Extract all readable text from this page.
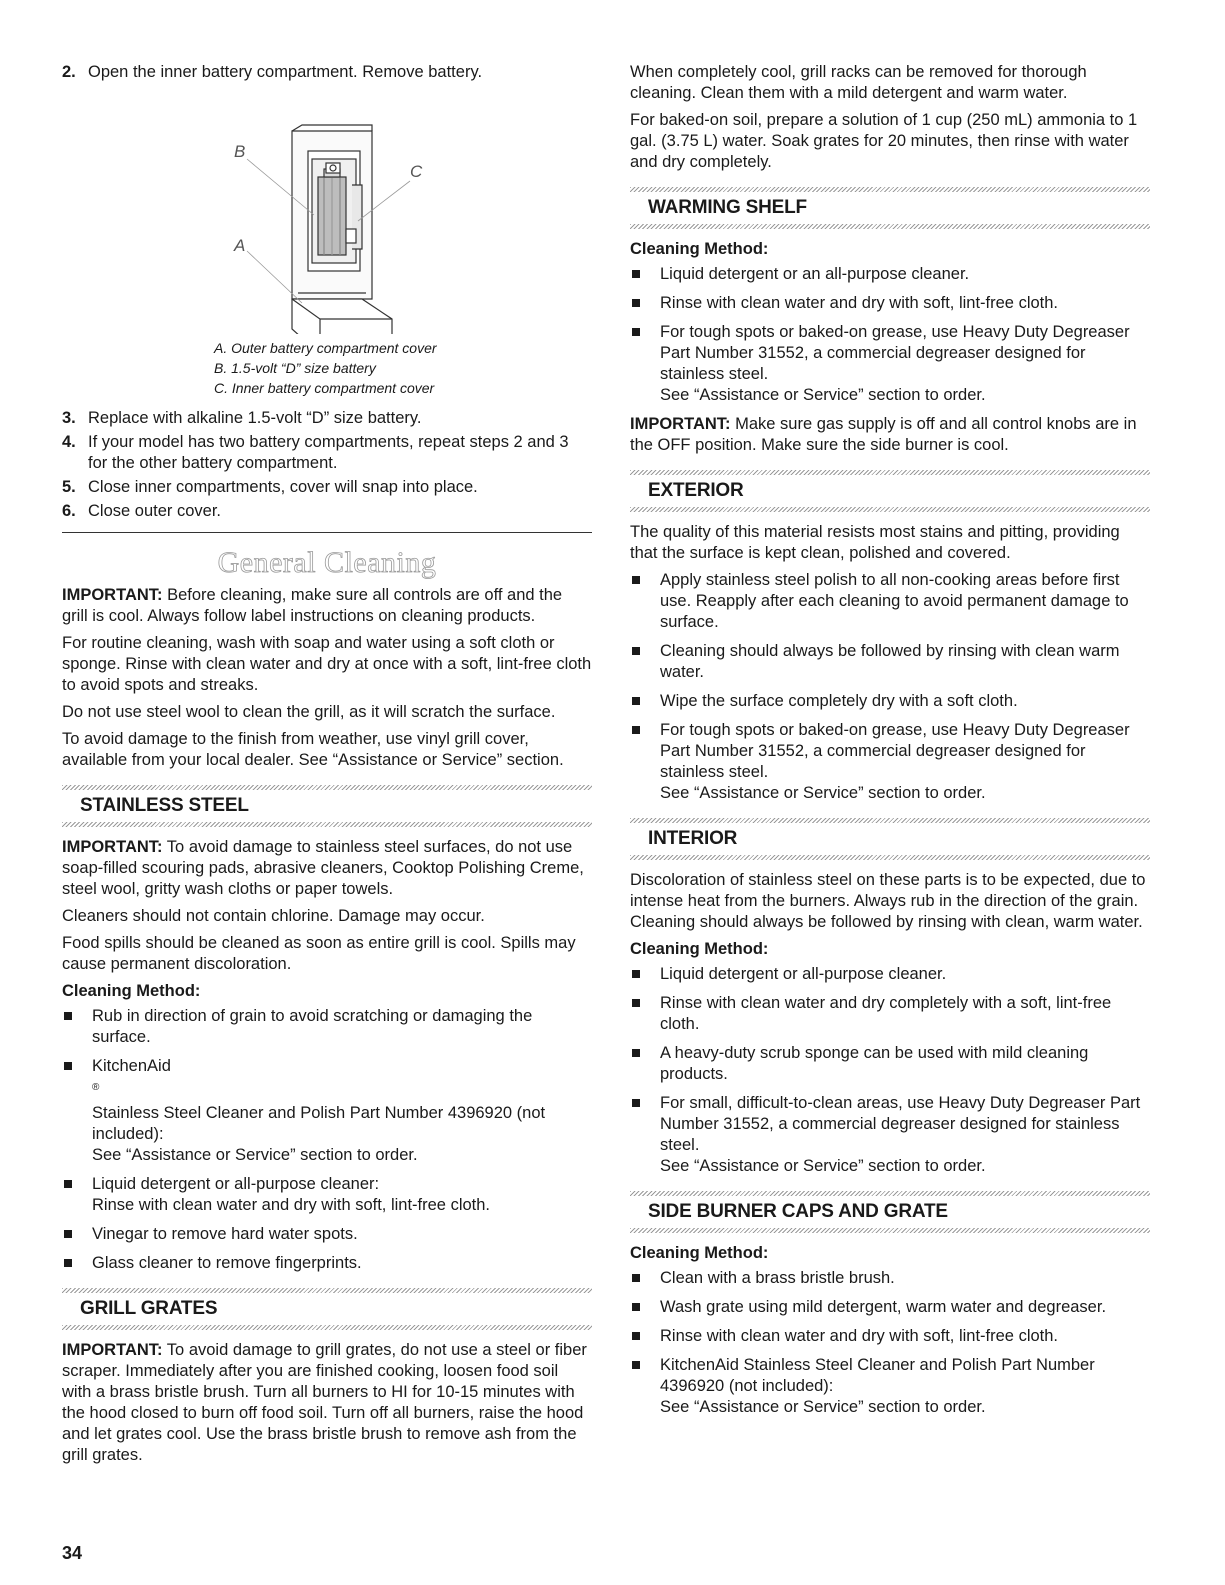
2. Open the inner battery compartment. Remove battery.
B
C
A
A. Outer battery compartment cover
B. 1.5-volt “D” size battery
C. Inner battery compartment cover
3. Replace with alkaline 1.5-volt “D” size battery.
4. If your model has two battery compartments, repeat steps 2 and 3 for the other battery compartment.
5. Close inner compartments, cover will snap into place.
6. Close outer cover.
General Cleaning

IMPORTANT: Before cleaning, make sure all controls are off and the grill is cool. Always follow label instructions on cleaning products.

For routine cleaning, wash with soap and water using a soft cloth or sponge. Rinse with clean water and dry at once with a soft, lint-free cloth to avoid spots and streaks.

Do not use steel wool to clean the grill, as it will scratch the surface.

To avoid damage to the finish from weather, use vinyl grill cover, available from your local dealer. See “Assistance or Service” section.

STAINLESS STEEL

IMPORTANT: To avoid damage to stainless steel surfaces, do not use soap-filled scouring pads, abrasive cleaners, Cooktop Polishing Creme, steel wool, gritty wash cloths or paper towels.

Cleaners should not contain chlorine. Damage may occur.

Food spills should be cleaned as soon as entire grill is cool. Spills may cause permanent discoloration.

Cleaning Method:
Rub in direction of grain to avoid scratching or damaging the surface.
KitchenAid
®
Stainless Steel Cleaner and Polish Part Number 4396920 (not included):
See “Assistance or Service” section to order.
Liquid detergent or all-purpose cleaner:
Rinse with clean water and dry with soft, lint-free cloth.
Vinegar to remove hard water spots.
Glass cleaner to remove fingerprints.
GRILL GRATES

IMPORTANT: To avoid damage to grill grates, do not use a steel or fiber scraper. Immediately after you are finished cooking, loosen food soil with a brass bristle brush. Turn all burners to HI for 10-15 minutes with the hood closed to burn off food soil. Turn off all burners, raise the hood and let grates cool. Use the brass bristle brush to remove ash from the grill grates.

When completely cool, grill racks can be removed for thorough cleaning. Clean them with a mild detergent and warm water.

For baked-on soil, prepare a solution of 1 cup (250 mL) ammonia to 1 gal. (3.75 L) water. Soak grates for 20 minutes, then rinse with water and dry completely.

WARMING SHELF
Cleaning Method:
Liquid detergent or an all-purpose cleaner.
Rinse with clean water and dry with soft, lint-free cloth.
For tough spots or baked-on grease, use Heavy Duty Degreaser Part Number 31552, a commercial degreaser designed for stainless steel.
See “Assistance or Service” section to order.

IMPORTANT: Make sure gas supply is off and all control knobs are in the OFF position. Make sure the side burner is cool.

EXTERIOR

The quality of this material resists most stains and pitting, providing that the surface is kept clean, polished and covered.

Apply stainless steel polish to all non-cooking areas before first use. Reapply after each cleaning to avoid permanent damage to surface.
Cleaning should always be followed by rinsing with clean warm water.
Wipe the surface completely dry with a soft cloth.
For tough spots or baked-on grease, use Heavy Duty Degreaser Part Number 31552, a commercial degreaser designed for stainless steel.
See “Assistance or Service” section to order.
INTERIOR

Discoloration of stainless steel on these parts is to be expected, due to intense heat from the burners. Always rub in the direction of the grain. Cleaning should always be followed by rinsing with clean, warm water.

Cleaning Method:
Liquid detergent or all-purpose cleaner.
Rinse with clean water and dry completely with a soft, lint-free cloth.
A heavy-duty scrub sponge can be used with mild cleaning products.
For small, difficult-to-clean areas, use Heavy Duty Degreaser Part Number 31552, a commercial degreaser designed for stainless steel.
See “Assistance or Service” section to order.
SIDE BURNER CAPS AND GRATE
Cleaning Method:
Clean with a brass bristle brush.
Wash grate using mild detergent, warm water and degreaser.
Rinse with clean water and dry with soft, lint-free cloth.
KitchenAid Stainless Steel Cleaner and Polish Part Number 4396920 (not included):
See “Assistance or Service” section to order.
34
